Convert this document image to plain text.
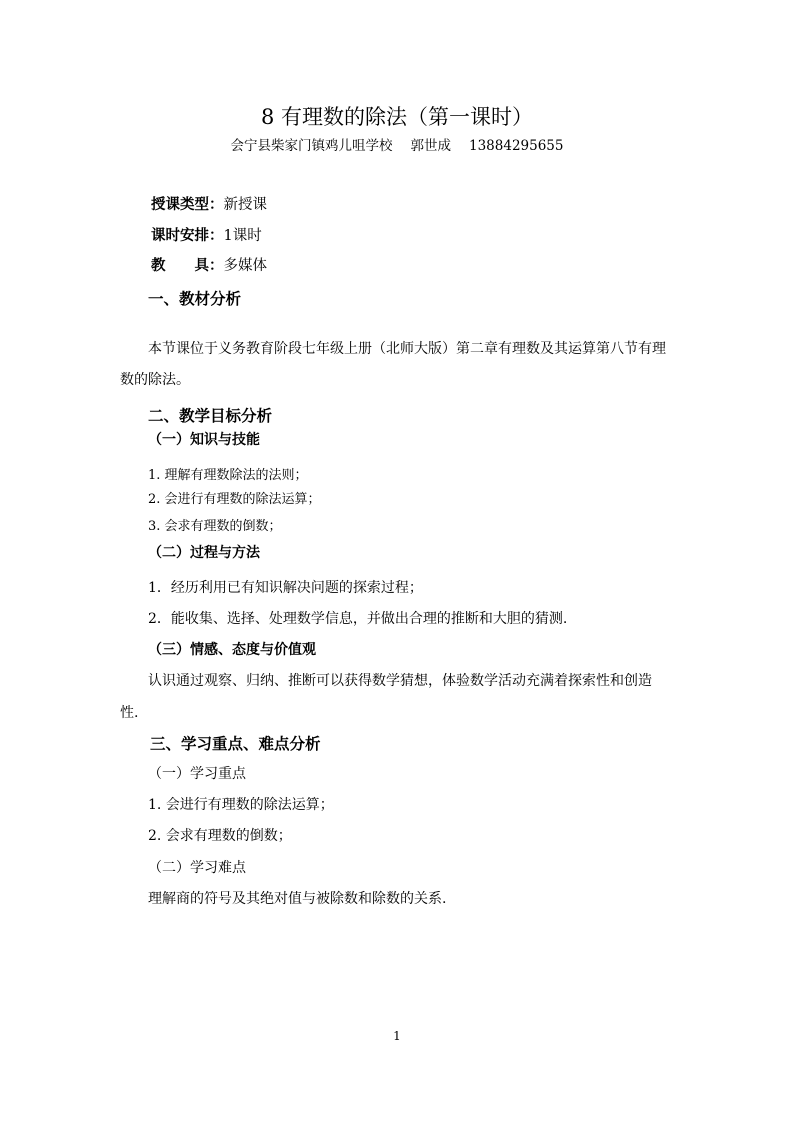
8 有理数的除法（第一课时）
会宁县柴家门镇鸡儿咀学校 郭世成 13884295655
授课类型：新授课
课时安排：1课时
教　　具：多媒体
一、教材分析
本节课位于义务教育阶段七年级上册（北师大版）第二章有理数及其运算第八节有理
数的除法。
二、教学目标分析
（一）知识与技能
1. 理解有理数除法的法则；
2. 会进行有理数的除法运算；
3. 会求有理数的倒数；
（二）过程与方法
1．经历利用已有知识解决问题的探索过程；
2．能收集、选择、处理数学信息，并做出合理的推断和大胆的猜测.
（三）情感、态度与价值观
认识通过观察、归纳、推断可以获得数学猜想，体验数学活动充满着探索性和创造
性.
三、学习重点、难点分析
（一）学习重点
1. 会进行有理数的除法运算；
2. 会求有理数的倒数；
（二）学习难点
理解商的符号及其绝对值与被除数和除数的关系.
1
